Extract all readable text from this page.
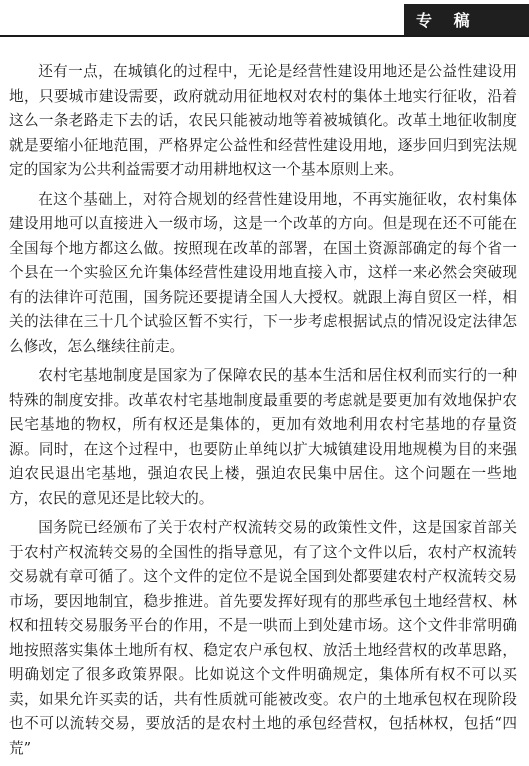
专 稿

还有一点，在城镇化的过程中，无论是经营性建设用地还是公益性建设用地，只要城市建设需要，政府就动用征地权对农村的集体土地实行征收，沿着这么一条老路走下去的话，农民只能被动地等着被城镇化。改革土地征收制度就是要缩小征地范围，严格界定公益性和经营性建设用地，逐步回归到宪法规定的国家为公共利益需要才动用耕地权这一个基本原则上来。

在这个基础上，对符合规划的经营性建设用地，不再实施征收，农村集体建设用地可以直接进入一级市场，这是一个改革的方向。但是现在还不可能在全国每个地方都这么做。按照现在改革的部署，在国土资源部确定的每个省一个县在一个实验区允许集体经营性建设用地直接入市，这样一来必然会突破现有的法律许可范围，国务院还要提请全国人大授权。就跟上海自贸区一样，相关的法律在三十几个试验区暂不实行，下一步考虑根据试点的情况设定法律怎么修改，怎么继续往前走。

农村宅基地制度是国家为了保障农民的基本生活和居住权利而实行的一种特殊的制度安排。改革农村宅基地制度最重要的考虑就是要更加有效地保护农民宅基地的物权，所有权还是集体的，更加有效地利用农村宅基地的存量资源。同时，在这个过程中，也要防止单纯以扩大城镇建设用地规模为目的来强迫农民退出宅基地，强迫农民上楼，强迫农民集中居住。这个问题在一些地方，农民的意见还是比较大的。

国务院已经颁布了关于农村产权流转交易的政策性文件，这是国家首部关于农村产权流转交易的全国性的指导意见，有了这个文件以后，农村产权流转交易就有章可循了。这个文件的定位不是说全国到处都要建农村产权流转交易市场，要因地制宜，稳步推进。首先要发挥好现有的那些承包土地经营权、林权和扭转交易服务平台的作用，不是一哄而上到处建市场。这个文件非常明确地按照落实集体土地所有权、稳定农户承包权、放活土地经营权的改革思路，明确划定了很多政策界限。比如说这个文件明确规定，集体所有权不可以买卖，如果允许买卖的话，共有性质就可能被改变。农户的土地承包权在现阶段也不可以流转交易，要放活的是农村土地的承包经营权，包括林权，包括“四荒”
